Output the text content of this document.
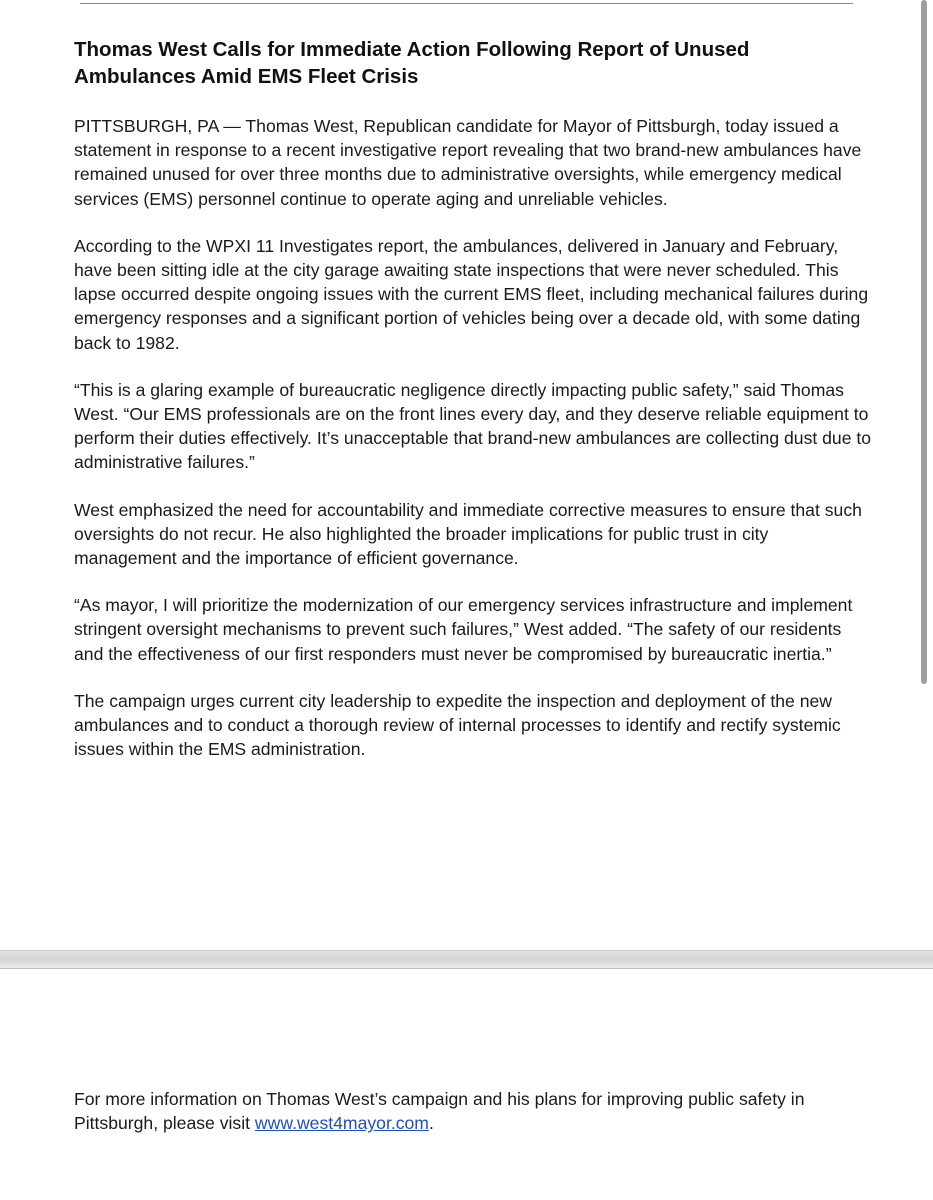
Thomas West Calls for Immediate Action Following Report of Unused Ambulances Amid EMS Fleet Crisis

PITTSBURGH, PA — Thomas West, Republican candidate for Mayor of Pittsburgh, today issued a statement in response to a recent investigative report revealing that two brand-new ambulances have remained unused for over three months due to administrative oversights, while emergency medical services (EMS) personnel continue to operate aging and unreliable vehicles.

According to the WPXI 11 Investigates report, the ambulances, delivered in January and February, have been sitting idle at the city garage awaiting state inspections that were never scheduled. This lapse occurred despite ongoing issues with the current EMS fleet, including mechanical failures during emergency responses and a significant portion of vehicles being over a decade old, with some dating back to 1982.

“This is a glaring example of bureaucratic negligence directly impacting public safety,” said Thomas West. “Our EMS professionals are on the front lines every day, and they deserve reliable equipment to perform their duties effectively. It’s unacceptable that brand-new ambulances are collecting dust due to administrative failures.”

West emphasized the need for accountability and immediate corrective measures to ensure that such oversights do not recur. He also highlighted the broader implications for public trust in city management and the importance of efficient governance.

“As mayor, I will prioritize the modernization of our emergency services infrastructure and implement stringent oversight mechanisms to prevent such failures,” West added. “The safety of our residents and the effectiveness of our first responders must never be compromised by bureaucratic inertia.”

The campaign urges current city leadership to expedite the inspection and deployment of the new ambulances and to conduct a thorough review of internal processes to identify and rectify systemic issues within the EMS administration.

For more information on Thomas West’s campaign and his plans for improving public safety in Pittsburgh, please visit www.west4mayor.com.
